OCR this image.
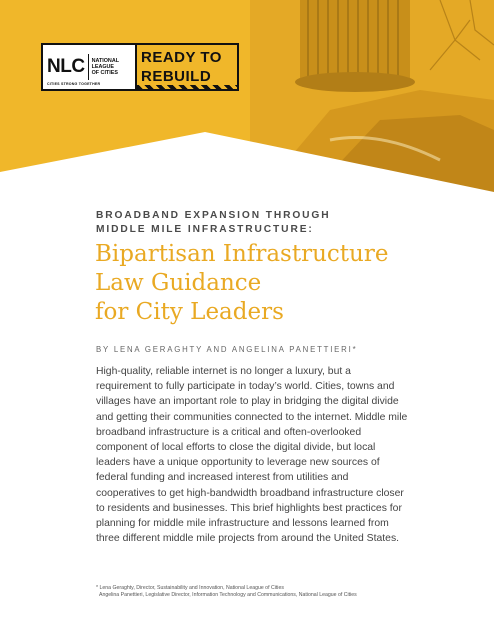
NLC NATIONAL
LEAGUE
OF CITIES
CITIES STRONG TOGETHER
READY TO
REBUILD
BROADBAND EXPANSION THROUGH
MIDDLE MILE INFRASTRUCTURE:
Bipartisan Infrastructure
Law Guidance
for City Leaders
BY LENA GERAGHTY AND ANGELINA PANETTIERI*

High-quality, reliable internet is no longer a luxury, but a requirement to fully participate in today’s world. Cities, towns and villages have an important role to play in bridging the digital divide and getting their communities connected to the internet. Middle mile broadband infrastructure is a critical and often-overlooked component of local efforts to close the digital divide, but local leaders have a unique opportunity to leverage new sources of federal funding and increased interest from utilities and cooperatives to get high-bandwidth broadband infrastructure closer to residents and businesses. This brief highlights best practices for planning for middle mile infrastructure and lessons learned from three different middle mile projects from around the United States.

* Lena Geraghty, Director, Sustainability and Innovation, National League of Cities
Angelina Panettieri, Legislative Director, Information Technology and Communications, National League of Cities
